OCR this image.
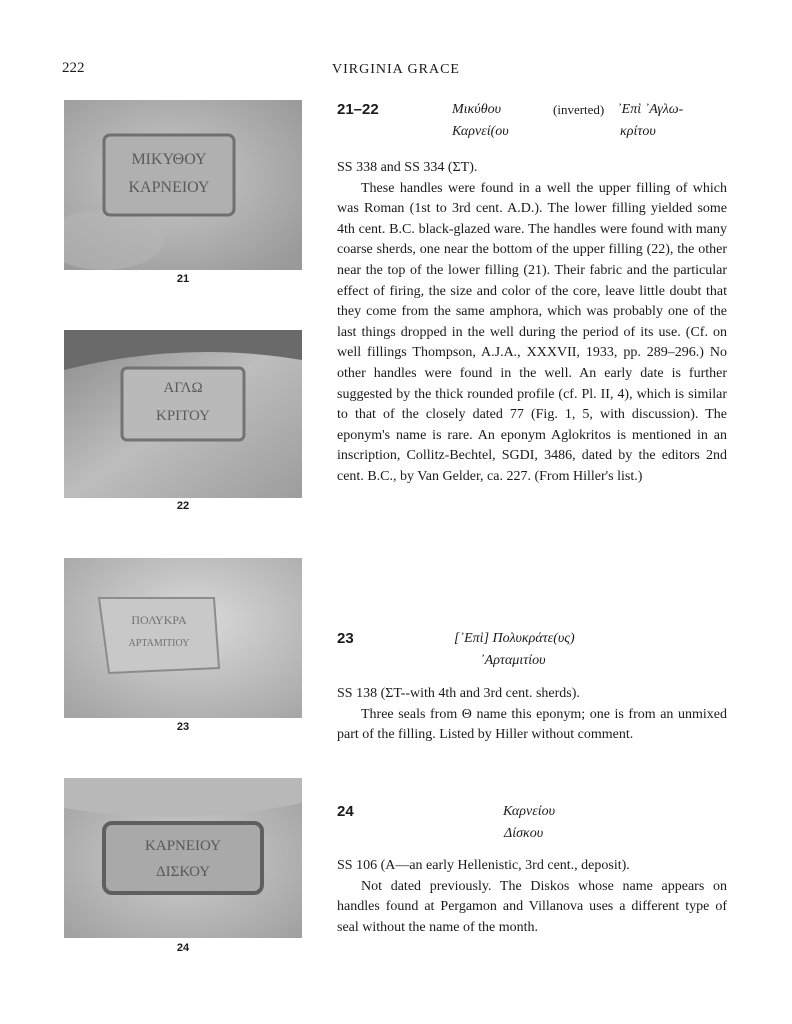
222	VIRGINIA GRACE
ΜΙΚΥΘΟΥ
ΚΑΡΝΕΙΟΥ
21
ΑΓΛΩ
ΚΡΙΤΟΥ
22
ΠΟΛΥΚΡΑ
ΑΡΤΑΜΙΤΙΟΥ
23
ΚΑΡΝΕΙΟΥ
ΔΙΣΚΟΥ
24
21–22	Μικύθου
Καρνεί(ου
(inverted) ᾿Επὶ ᾿Αγλω-
κρίτου

SS 338 and SS 334 (ΣΤ).

These handles were found in a well the upper filling of which was Roman (1st to 3rd cent. A.D.). The lower filling yielded some 4th cent. B.C. black-glazed ware. The handles were found with many coarse sherds, one near the bottom of the upper filling (22), the other near the top of the lower filling (21). Their fabric and the particular effect of firing, the size and color of the core, leave little doubt that they come from the same amphora, which was probably one of the last things dropped in the well during the period of its use. (Cf. on well fillings Thompson, A.J.A., XXXVII, 1933, pp. 289–296.) No other handles were found in the well. An early date is further suggested by the thick rounded profile (cf. Pl. II, 4), which is similar to that of the closely dated 77 (Fig. 1, 5, with discussion). The eponym's name is rare. An eponym Aglokritos is mentioned in an inscription, Collitz-Bechtel, SGDI, 3486, dated by the editors 2nd cent. B.C., by Van Gelder, ca. 227. (From Hiller's list.)

23	[᾿Επὶ] Πολυκράτε(υς)
᾿Αρταμιτίου

SS 138 (ΣΤ--with 4th and 3rd cent. sherds).

Three seals from Θ name this eponym; one is from an unmixed part of the filling. Listed by Hiller without comment.

24	Καρνείου
Δίσκου

SS 106 (A—an early Hellenistic, 3rd cent., deposit).

Not dated previously. The Diskos whose name appears on handles found at Pergamon and Villanova uses a different type of seal without the name of the month.
